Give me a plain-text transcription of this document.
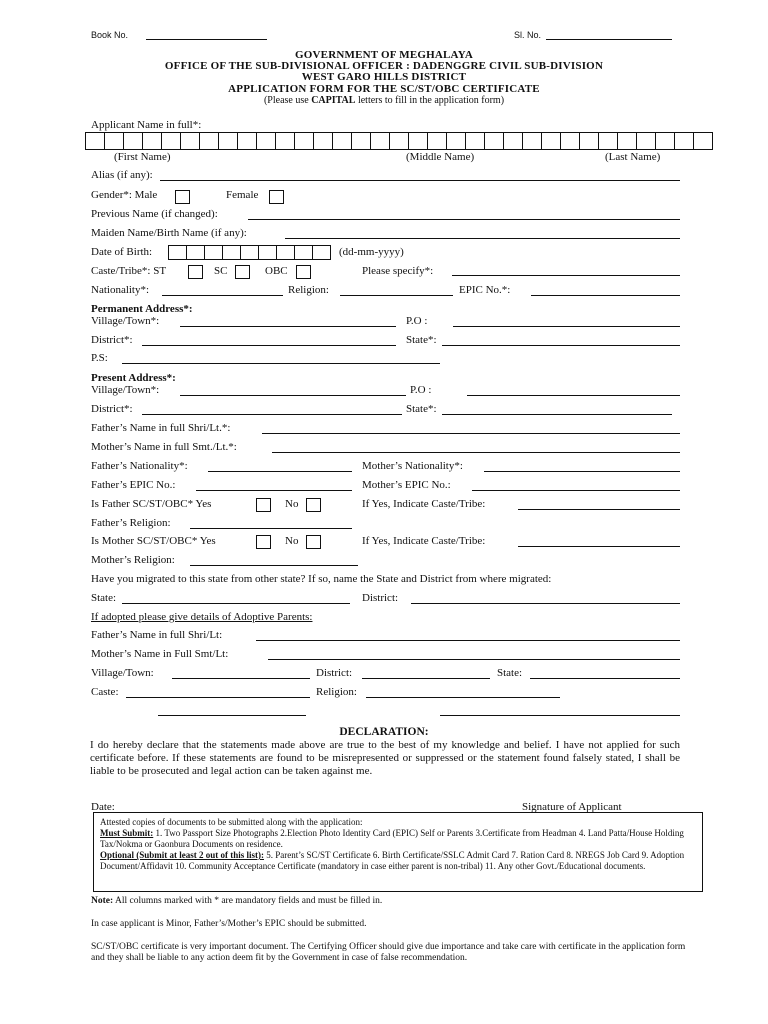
Book No.	Sl. No.
GOVERNMENT OF MEGHALAYA
OFFICE OF THE SUB-DIVISIONAL OFFICER : DADENGGRE CIVIL SUB-DIVISION
WEST GARO HILLS DISTRICT
APPLICATION FORM FOR THE SC/ST/OBC CERTIFICATE
(Please use CAPITAL letters to fill in the application form)
Applicant Name in full*:
(First Name)	(Middle Name)	(Last Name)
Alias (if any):
Gender*: Male	Female
Previous Name (if changed):
Maiden Name/Birth Name (if any):
Date of Birth:	(dd-mm-yyyy)
Caste/Tribe*: ST	SC	OBC	Please specify*:
Nationality*:	Religion:	EPIC No.*:
Permanent Address*:
Village/Town*:	P.O :
District*:	State*:
P.S:
Present Address*:
Village/Town*:	P.O :
District*:	State*:
Father’s Name in full Shri/Lt.*:
Mother’s Name in full Smt./Lt.*:
Father’s Nationality*:	Mother’s Nationality*:
Father’s EPIC No.:	Mother’s EPIC No.:
Is Father SC/ST/OBC* Yes	No	If Yes, Indicate Caste/Tribe:
Father’s Religion:
Is Mother SC/ST/OBC* Yes	No	If Yes, Indicate Caste/Tribe:
Mother’s Religion:
Have you migrated to this state from other state? If so, name the State and District from where migrated:
State:	District:
If adopted please give details of Adoptive Parents:
Father’s Name in full Shri/Lt:
Mother’s Name in Full Smt/Lt:
Village/Town:	District:	State:
Caste:	Religion:
DECLARATION:
I do hereby declare that the statements made above are true to the best of my knowledge and belief. I have not applied for such certificate before. If these statements are found to be misrepresented or suppressed or the statement found falsely stated, I shall be liable to be prosecuted and legal action can be taken against me.
Date:	Signature of Applicant
Attested copies of documents to be submitted along with the application:
Must Submit: 1. Two Passport Size Photographs 2.Election Photo Identity Card (EPIC) Self or Parents 3.Certificate from Headman 4. Land Patta/House Holding Tax/Nokma or Gaonbura Documents on residence.
Optional (Submit at least 2 out of this list): 5. Parent’s SC/ST Certificate 6. Birth Certificate/SSLC Admit Card 7. Ration Card 8. NREGS Job Card 9. Adoption Document/Affidavit 10. Community Acceptance Certificate (mandatory in case either parent is non-tribal) 11. Any other Govt./Educational documents.
Note: All columns marked with * are mandatory fields and must be filled in.
In case applicant is Minor, Father’s/Mother’s EPIC should be submitted.
SC/ST/OBC certificate is very important document. The Certifying Officer should give due importance and take care with certificate in the application form and they shall be liable to any action deem fit by the Government in case of false recommendation.
